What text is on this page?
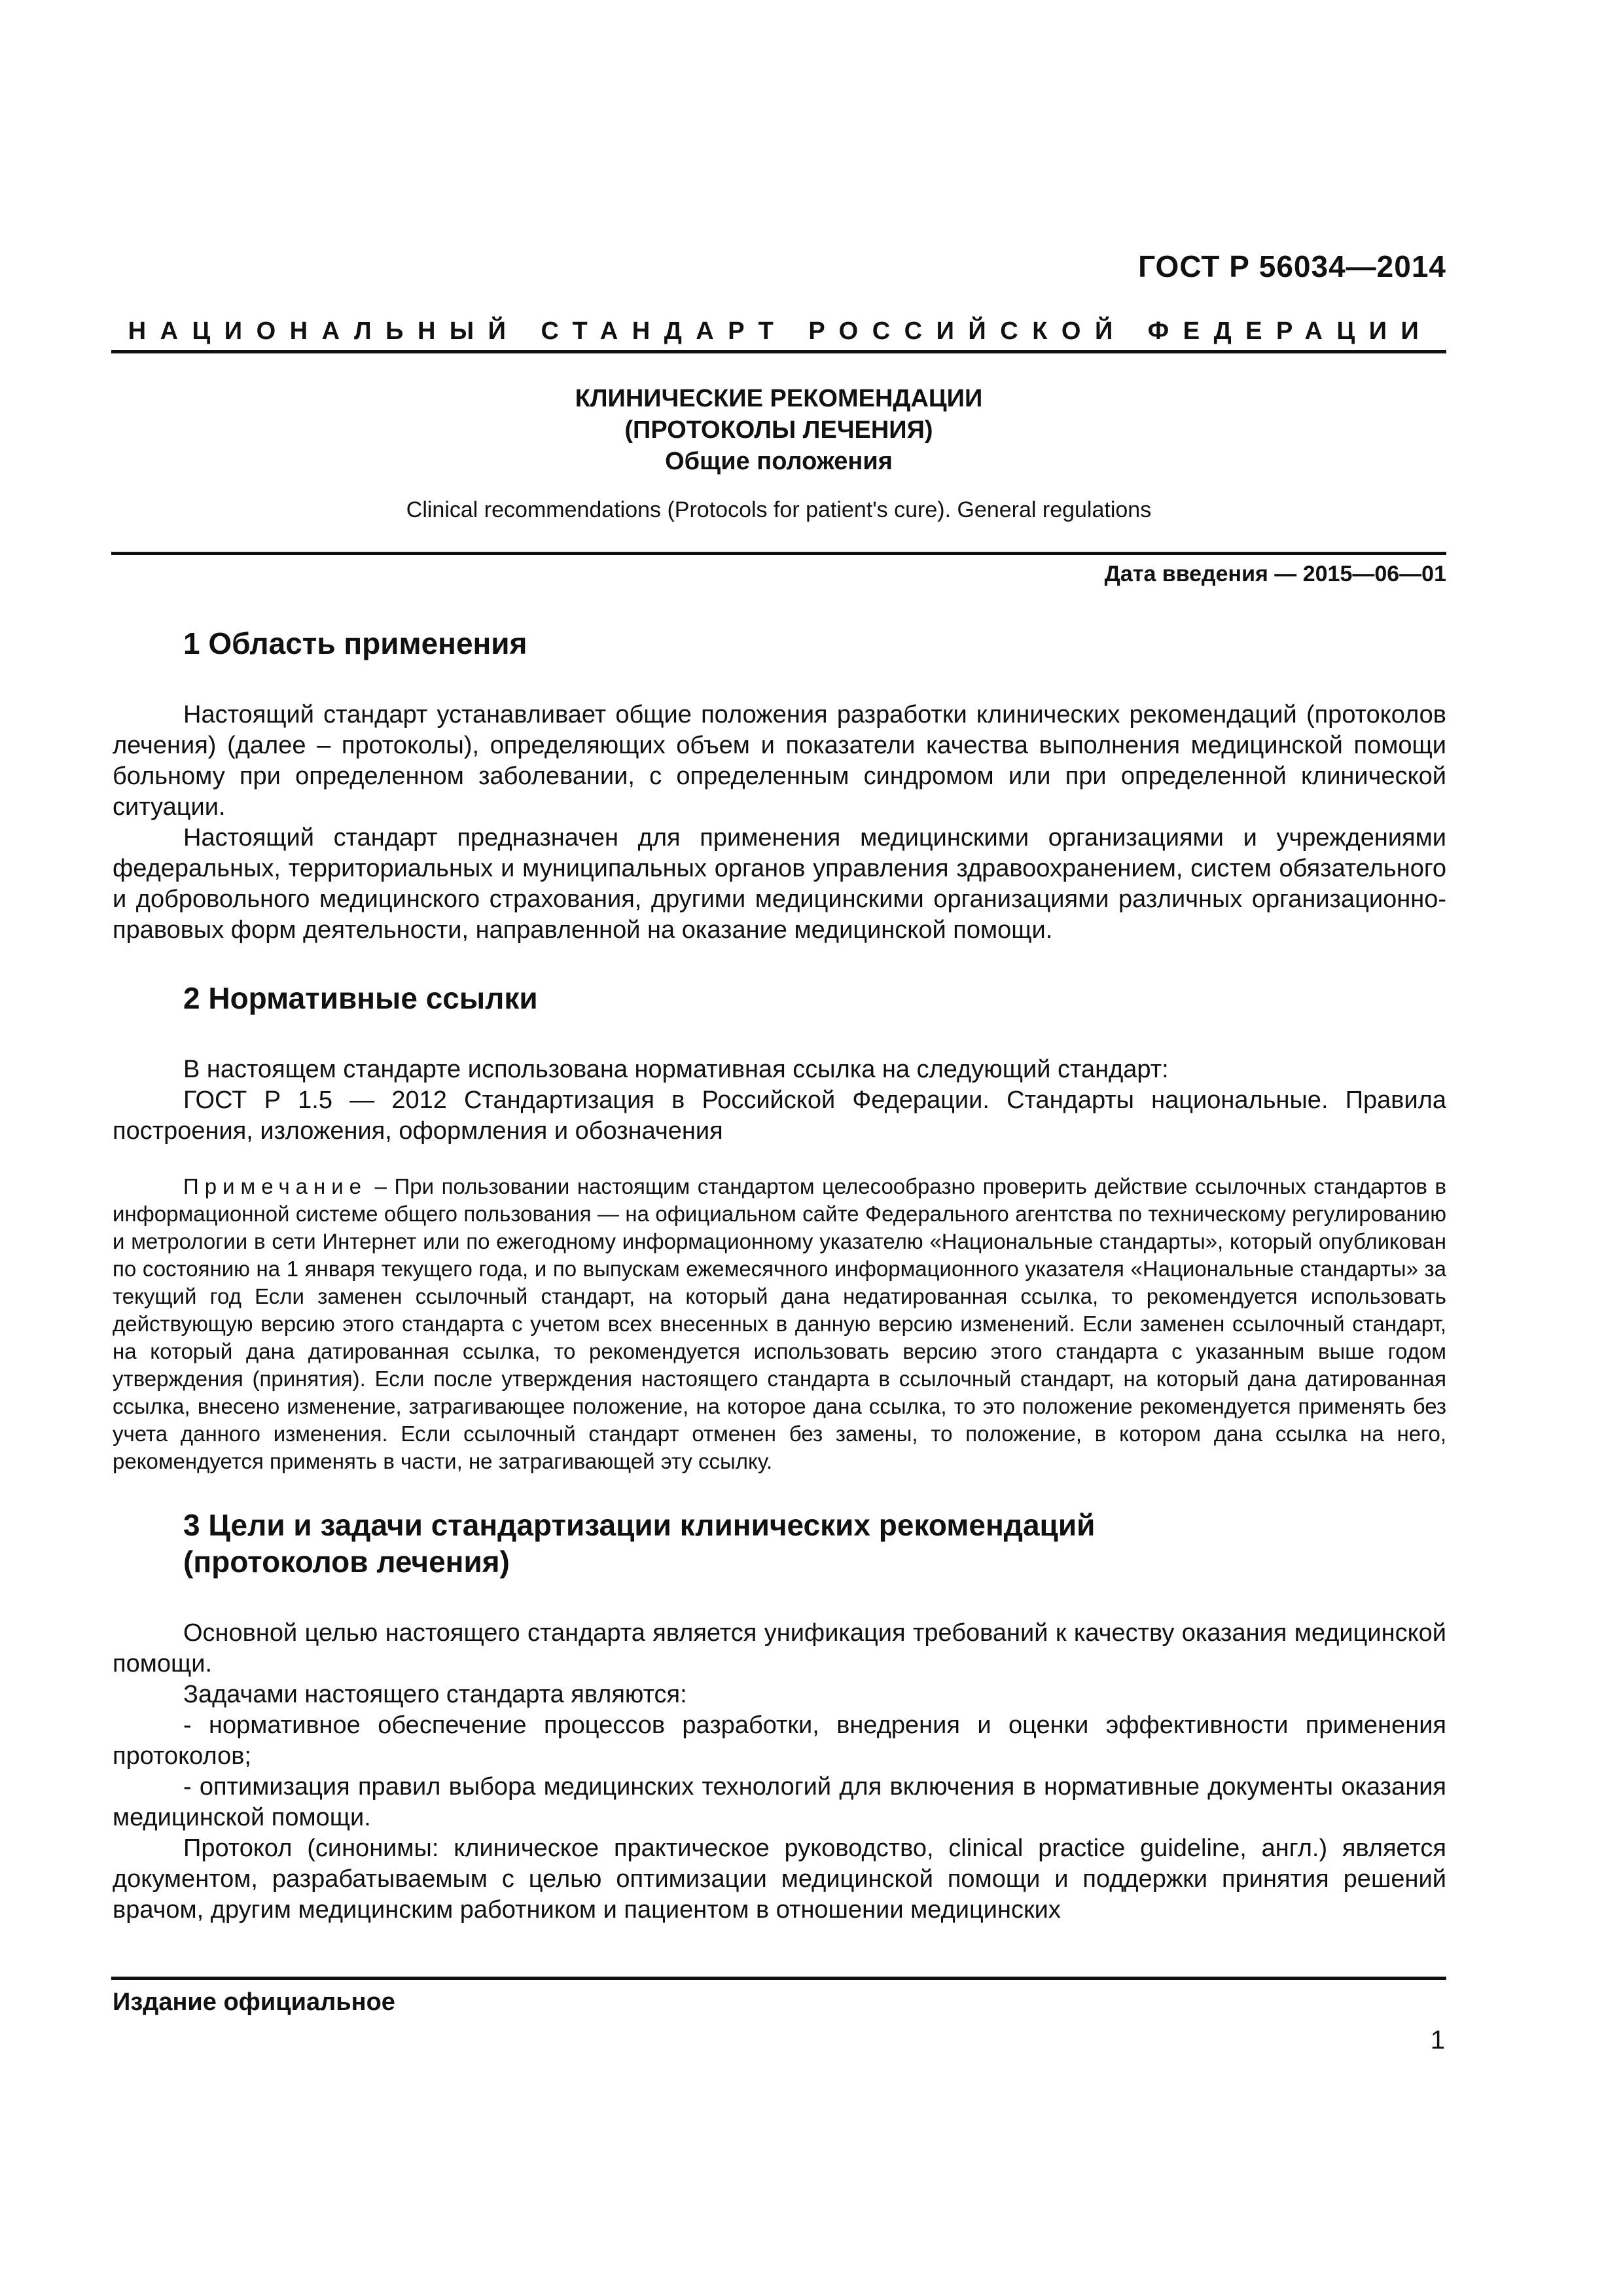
ГОСТ Р 56034—2014
НАЦИОНАЛЬНЫЙ СТАНДАРТ РОССИЙСКОЙ ФЕДЕРАЦИИ

КЛИНИЧЕСКИЕ РЕКОМЕНДАЦИИ

(ПРОТОКОЛЫ ЛЕЧЕНИЯ)

Общие положения

Clinical recommendations (Protocols for patient's cure). General regulations
Дата введения — 2015—06—01
1 Область применения

Настоящий стандарт устанавливает общие положения разработки клинических рекомендаций (протоколов лечения) (далее – протоколы), определяющих объем и показатели качества выполнения медицинской помощи больному при определенном заболевании, с определенным синдромом или при определенной клинической ситуации.

Настоящий стандарт предназначен для применения медицинскими организациями и учреждениями федеральных, территориальных и муниципальных органов управления здравоохранением, систем обязательного и добровольного медицинского страхования, другими медицинскими организациями различных организационно-правовых форм деятельности, направленной на оказание медицинской помощи.

2 Нормативные ссылки

В настоящем стандарте использована нормативная ссылка на следующий стандарт:

ГОСТ Р 1.5 — 2012 Стандартизация в Российской Федерации. Стандарты национальные. Правила построения, изложения, оформления и обозначения

Примечание – При пользовании настоящим стандартом целесообразно проверить действие ссылочных стандартов в информационной системе общего пользования — на официальном сайте Федерального агентства по техническому регулированию и метрологии в сети Интернет или по ежегодному информационному указателю «Национальные стандарты», который опубликован по состоянию на 1 января текущего года, и по выпускам ежемесячного информационного указателя «Национальные стандарты» за текущий год Если заменен ссылочный стандарт, на который дана недатированная ссылка, то рекомендуется использовать действующую версию этого стандарта с учетом всех внесенных в данную версию изменений. Если заменен ссылочный стандарт, на который дана датированная ссылка, то рекомендуется использовать версию этого стандарта с указанным выше годом утверждения (принятия). Если после утверждения настоящего стандарта в ссылочный стандарт, на который дана датированная ссылка, внесено изменение, затрагивающее положение, на которое дана ссылка, то это положение рекомендуется применять без учета данного изменения. Если ссылочный стандарт отменен без замены, то положение, в котором дана ссылка на него, рекомендуется применять в части, не затрагивающей эту ссылку.

3 Цели и задачи стандартизации клинических рекомендаций
(протоколов лечения)

Основной целью настоящего стандарта является унификация требований к качеству оказания медицинской помощи.

Задачами настоящего стандарта являются:

- нормативное обеспечение процессов разработки, внедрения и оценки эффективности применения протоколов;

- оптимизация правил выбора медицинских технологий для включения в нормативные документы оказания медицинской помощи.

Протокол (синонимы: клиническое практическое руководство, clinical practice guideline, англ.) является документом, разрабатываемым с целью оптимизации медицинской помощи и поддержки принятия решений врачом, другим медицинским работником и пациентом в отношении медицинских

Издание официальное
1
